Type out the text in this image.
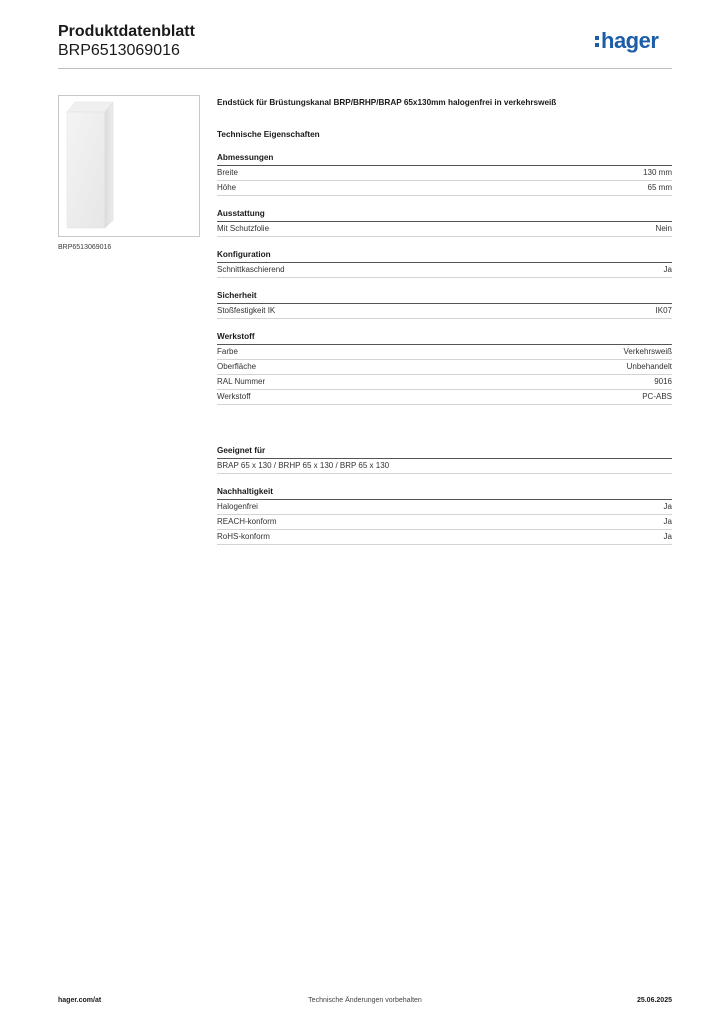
Produktdatenblatt
BRP6513069016	hager
BRP6513069016

Endstück für Brüstungskanal BRP/BRHP/BRAP 65x130mm halogenfrei in verkehrsweiß

Technische Eigenschaften
Abmessungen
Breite	130 mm
Höhe	65 mm
Ausstattung
Mit Schutzfolie	Nein
Konfiguration
Schnittkaschierend	Ja
Sicherheit
Stoßfestigkeit IK	IK07
Werkstoff
Farbe	Verkehrsweiß
Oberfläche	Unbehandelt
RAL Nummer	9016
Werkstoff	PC-ABS
Geeignet für
BRAP 65 x 130 / BRHP 65 x 130 / BRP 65 x 130
Nachhaltigkeit
Halogenfrei	Ja
REACH-konform	Ja
RoHS-konform	Ja
hager.com/at	Technische Änderungen vorbehalten	25.06.2025
